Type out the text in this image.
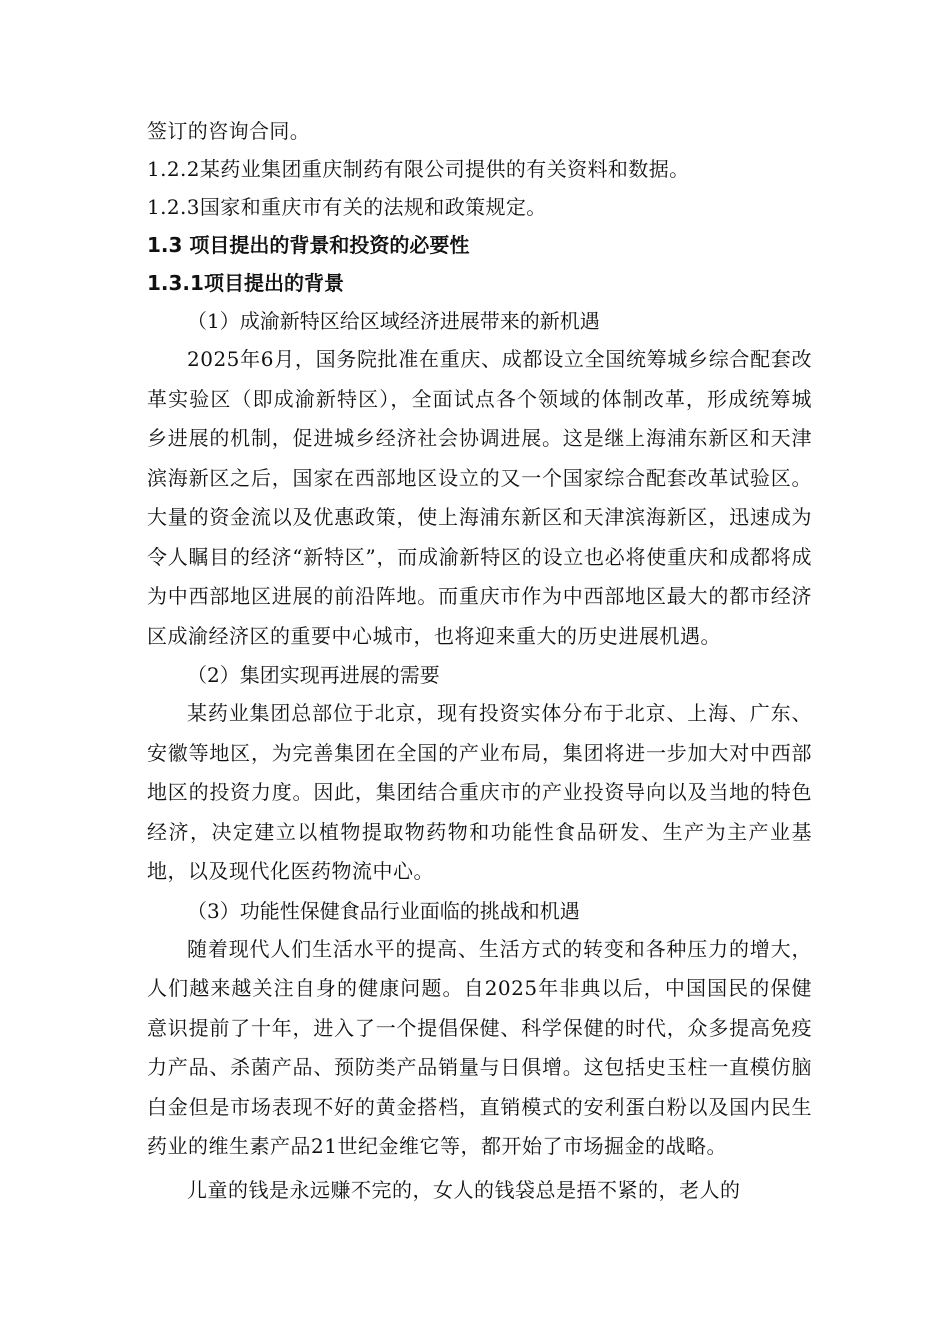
签订的咨询合同。
1.2.2某药业集团重庆制药有限公司提供的有关资料和数据。
1.2.3国家和重庆市有关的法规和政策规定。
1.3 项目提出的背景和投资的必要性
1.3.1项目提出的背景
（1）成渝新特区给区域经济进展带来的新机遇

2025年6月，国务院批准在重庆、成都设立全国统筹城乡综合配套改革实验区（即成渝新特区），全面试点各个领域的体制改革，形成统筹城乡进展的机制，促进城乡经济社会协调进展。这是继上海浦东新区和天津滨海新区之后，国家在西部地区设立的又一个国家综合配套改革试验区。大量的资金流以及优惠政策，使上海浦东新区和天津滨海新区，迅速成为令人瞩目的经济“新特区”，而成渝新特区的设立也必将使重庆和成都将成为中西部地区进展的前沿阵地。而重庆市作为中西部地区最大的都市经济区成渝经济区的重要中心城市，也将迎来重大的历史进展机遇。

（2）集团实现再进展的需要

某药业集团总部位于北京，现有投资实体分布于北京、上海、广东、安徽等地区，为完善集团在全国的产业布局，集团将进一步加大对中西部地区的投资力度。因此，集团结合重庆市的产业投资导向以及当地的特色经济，决定建立以植物提取物药物和功能性食品研发、生产为主产业基地，以及现代化医药物流中心。

（3）功能性保健食品行业面临的挑战和机遇

随着现代人们生活水平的提高、生活方式的转变和各种压力的增大，人们越来越关注自身的健康问题。自2025年非典以后，中国国民的保健意识提前了十年，进入了一个提倡保健、科学保健的时代，众多提高免疫力产品、杀菌产品、预防类产品销量与日俱增。这包括史玉柱一直模仿脑白金但是市场表现不好的黄金搭档，直销模式的安利蛋白粉以及国内民生药业的维生素产品21世纪金维它等，都开始了市场掘金的战略。

儿童的钱是永远赚不完的，女人的钱袋总是捂不紧的，老人的
